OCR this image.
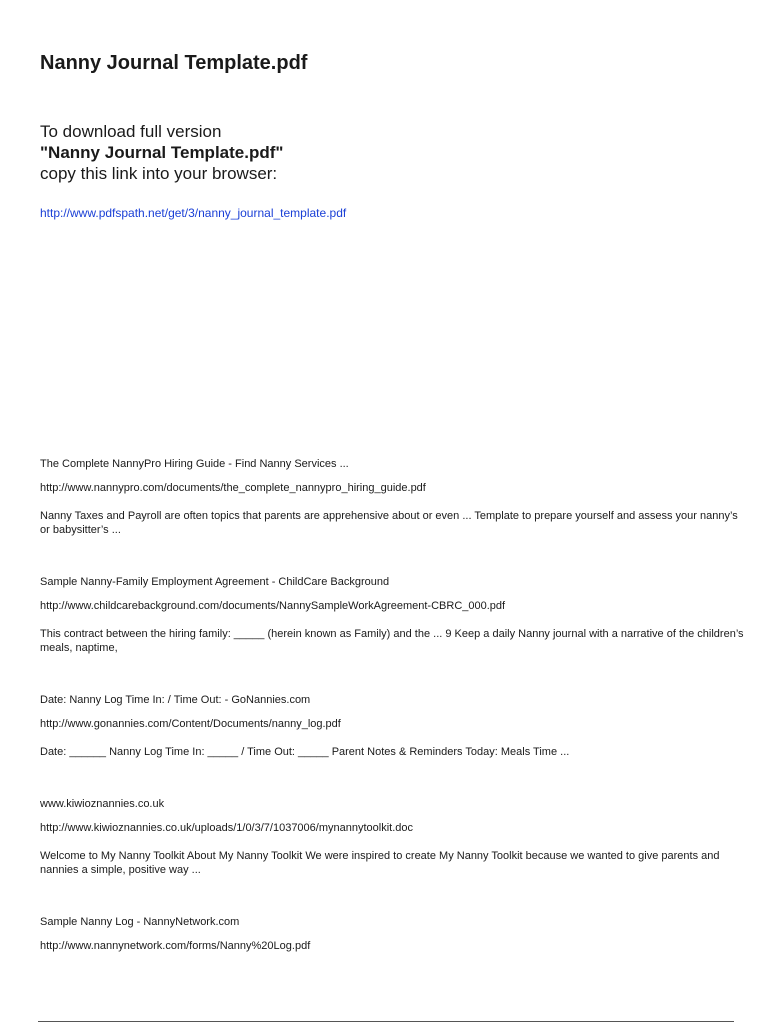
Nanny Journal Template.pdf
To download full version
"Nanny Journal Template.pdf"
copy this link into your browser:
http://www.pdfspath.net/get/3/nanny_journal_template.pdf
The Complete NannyPro Hiring Guide - Find Nanny Services ...
http://www.nannypro.com/documents/the_complete_nannypro_hiring_guide.pdf
Nanny Taxes and Payroll are often topics that parents are apprehensive about or even ... Template to prepare yourself and assess your nanny’s or babysitter’s ...
Sample Nanny-Family Employment Agreement - ChildCare Background
http://www.childcarebackground.com/documents/NannySampleWorkAgreement-CBRC_000.pdf
This contract between the hiring family: _____ (herein known as Family) and the ... 9 Keep a daily Nanny journal with a narrative of the children’s meals, naptime,
Date: Nanny Log Time In: / Time Out: - GoNannies.com
http://www.gonannies.com/Content/Documents/nanny_log.pdf
Date: ______ Nanny Log Time In: _____ / Time Out: _____ Parent Notes & Reminders Today: Meals Time ...
www.kiwioznannies.co.uk
http://www.kiwioznannies.co.uk/uploads/1/0/3/7/1037006/mynannytoolkit.doc
Welcome to My Nanny Toolkit About My Nanny Toolkit We were inspired to create My Nanny Toolkit because we wanted to give parents and nannies a simple, positive way ...
Sample Nanny Log - NannyNetwork.com
http://www.nannynetwork.com/forms/Nanny%20Log.pdf
